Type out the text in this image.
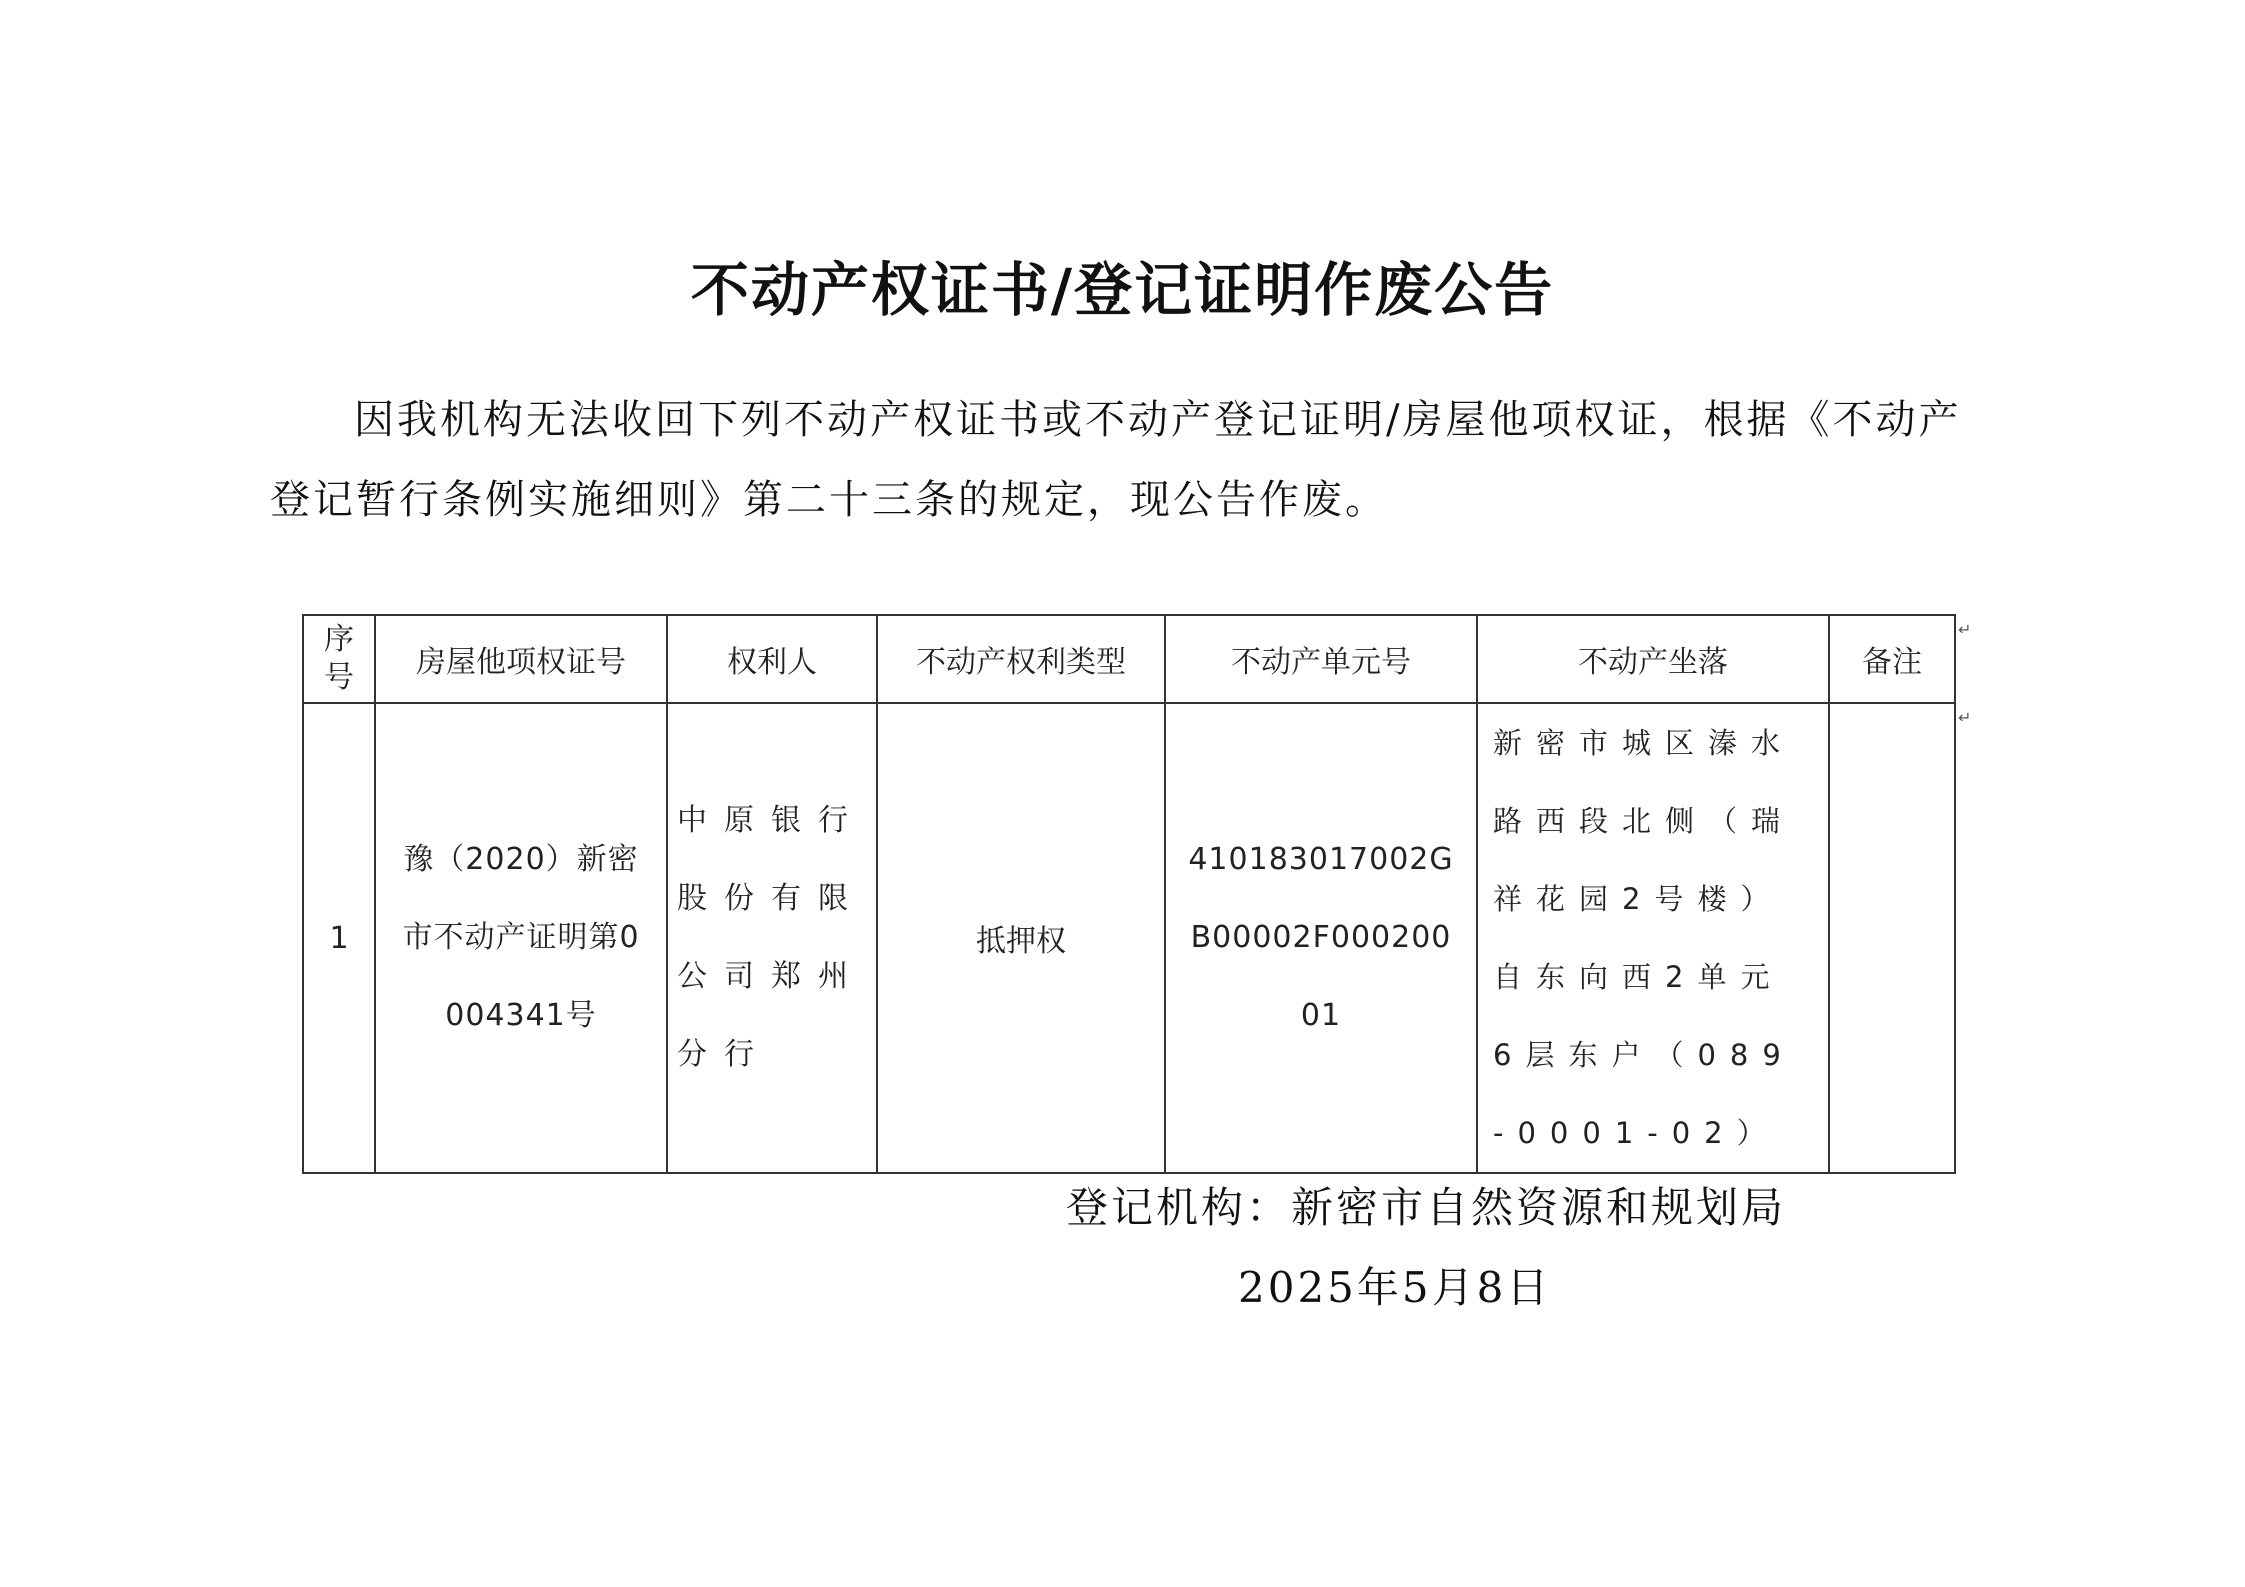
不动产权证书/登记证明作废公告

因我机构无法收回下列不动产权证书或不动产登记证明/房屋他项权证，根据《不动产登记暂行条例实施细则》第二十三条的规定，现公告作废。

序号	房屋他项权证号	权利人	不动产权利类型	不动产单元号	不动产坐落	备注
1	豫（2020）新密市不动产证明第0004341号	中原银行股份有限公司郑州分行	抵押权	410183017002GB00002F00020001	新密市城区溱水路西段北侧（瑞祥花园2号楼）自东向西2单元6层东户（089-0001-02）	
↵
↵
登记机构：新密市自然资源和规划局
2025年5月8日
